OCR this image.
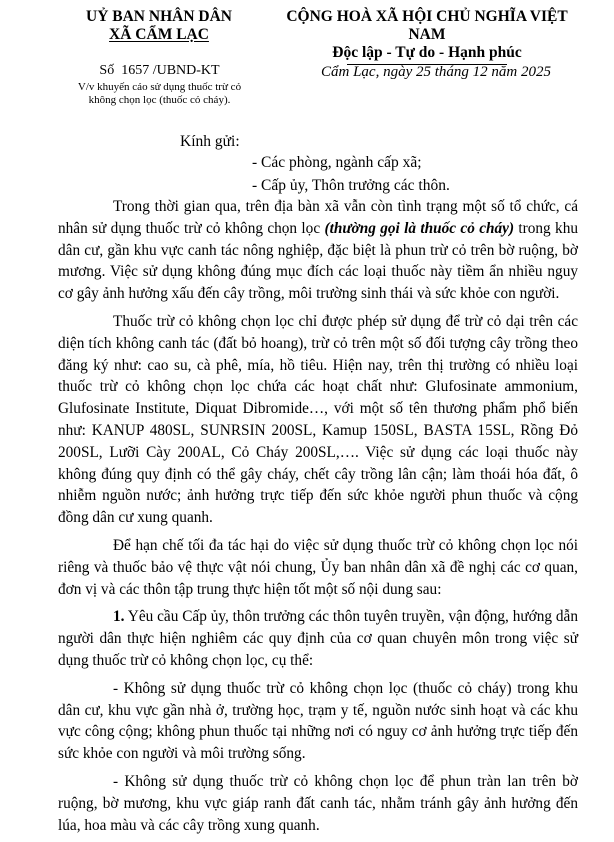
UỶ BAN NHÂN DÂN
XÃ CẨM LẠC
CỘNG HOÀ XÃ HỘI CHỦ NGHĨA VIỆT NAM
Độc lập - Tự do - Hạnh phúc
Số 1657 /UBND-KT
V/v khuyến cáo sử dụng thuốc trừ cỏ
không chọn lọc (thuốc cỏ cháy).
Cẩm Lạc, ngày 25 tháng 12 năm 2025
Kính gửi:
- Các phòng, ngành cấp xã;
- Cấp ủy, Thôn trưởng các thôn.

Trong thời gian qua, trên địa bàn xã vẫn còn tình trạng một số tổ chức, cá nhân sử dụng thuốc trừ cỏ không chọn lọc (thường gọi là thuốc cỏ cháy) trong khu dân cư, gần khu vực canh tác nông nghiệp, đặc biệt là phun trừ cỏ trên bờ ruộng, bờ mương. Việc sử dụng không đúng mục đích các loại thuốc này tiềm ẩn nhiều nguy cơ gây ảnh hưởng xấu đến cây trồng, môi trường sinh thái và sức khỏe con người.

Thuốc trừ cỏ không chọn lọc chỉ được phép sử dụng để trừ cỏ dại trên các diện tích không canh tác (đất bỏ hoang), trừ cỏ trên một số đối tượng cây trồng theo đăng ký như: cao su, cà phê, mía, hồ tiêu. Hiện nay, trên thị trường có nhiều loại thuốc trừ cỏ không chọn lọc chứa các hoạt chất như: Glufosinate ammonium, Glufosinate Institute, Diquat Dibromide…, với một số tên thương phẩm phổ biến như: KANUP 480SL, SUNRSIN 200SL, Kamup 150SL, BASTA 15SL, Rồng Đỏ 200SL, Lưỡi Cày 200AL, Cỏ Cháy 200SL,…. Việc sử dụng các loại thuốc này không đúng quy định có thể gây cháy, chết cây trồng lân cận; làm thoái hóa đất, ô nhiễm nguồn nước; ảnh hưởng trực tiếp đến sức khỏe người phun thuốc và cộng đồng dân cư xung quanh.

Để hạn chế tối đa tác hại do việc sử dụng thuốc trừ cỏ không chọn lọc nói riêng và thuốc bảo vệ thực vật nói chung, Ủy ban nhân dân xã đề nghị các cơ quan, đơn vị và các thôn tập trung thực hiện tốt một số nội dung sau:

1. Yêu cầu Cấp ủy, thôn trưởng các thôn tuyên truyền, vận động, hướng dẫn người dân thực hiện nghiêm các quy định của cơ quan chuyên môn trong việc sử dụng thuốc trừ cỏ không chọn lọc, cụ thể:

- Không sử dụng thuốc trừ cỏ không chọn lọc (thuốc cỏ cháy) trong khu dân cư, khu vực gần nhà ở, trường học, trạm y tế, nguồn nước sinh hoạt và các khu vực công cộng; không phun thuốc tại những nơi có nguy cơ ảnh hưởng trực tiếp đến sức khỏe con người và môi trường sống.

- Không sử dụng thuốc trừ cỏ không chọn lọc để phun tràn lan trên bờ ruộng, bờ mương, khu vực giáp ranh đất canh tác, nhằm tránh gây ảnh hưởng đến lúa, hoa màu và các cây trồng xung quanh.
